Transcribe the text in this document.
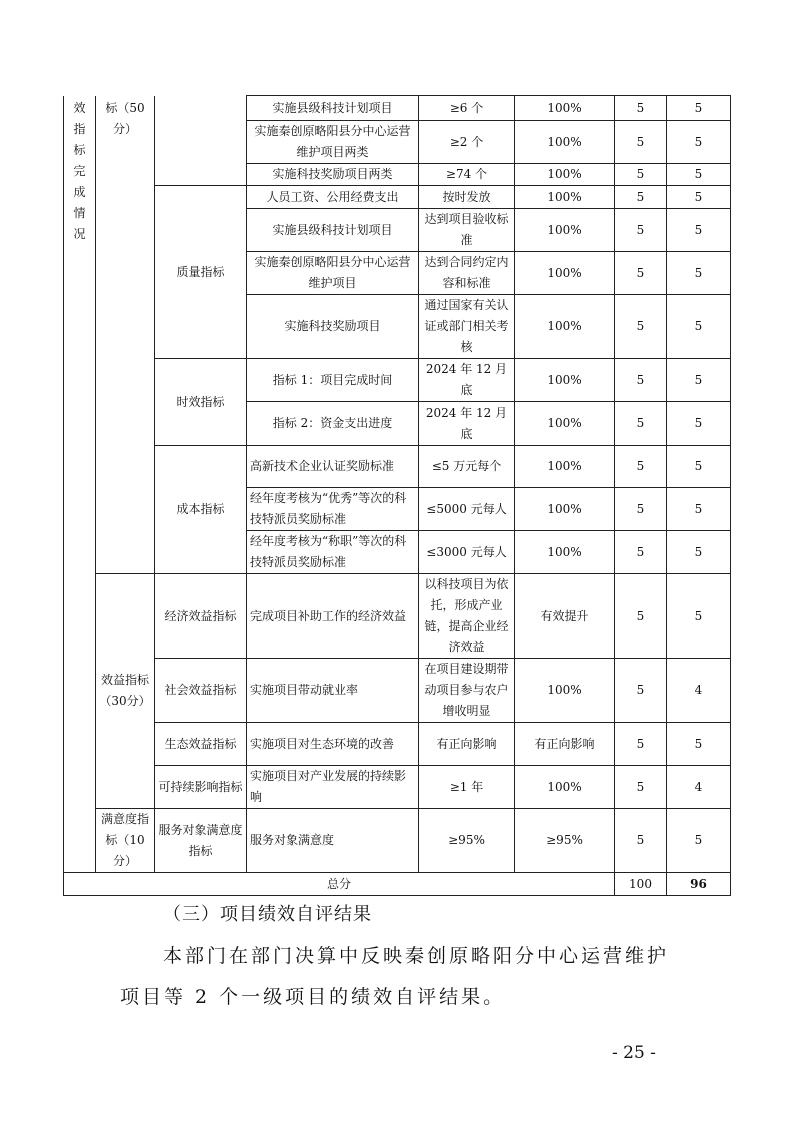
效指标完成情况	标（50分）		实施县级科技计划项目	≥6 个	100%	5	5
			实施秦创原略阳县分中心运营维护项目两类	≥2 个	100%	5	5
			实施科技奖励项目两类	≥74 个	100%	5	5
		质量指标	人员工资、公用经费支出	按时发放	100%	5	5
			实施县级科技计划项目	达到项目验收标准	100%	5	5
			实施秦创原略阳县分中心运营维护项目	达到合同约定内容和标准	100%	5	5
			实施科技奖励项目	通过国家有关认证或部门相关考核	100%	5	5
		时效指标	指标 1：项目完成时间	2024 年 12 月底	100%	5	5
			指标 2：资金支出进度	2024 年 12 月底	100%	5	5
		成本指标	高新技术企业认证奖励标准	≤5 万元每个	100%	5	5
			经年度考核为“优秀”等次的科技特派员奖励标准	≤5000 元每人	100%	5	5
			经年度考核为“称职”等次的科技特派员奖励标准	≤3000 元每人	100%	5	5
	效益指标（30分）	经济效益指标	完成项目补助工作的经济效益	以科技项目为依托，形成产业链，提高企业经济效益	有效提升	5	5
		社会效益指标	实施项目带动就业率	在项目建设期带动项目参与农户增收明显	100%	5	4
		生态效益指标	实施项目对生态环境的改善	有正向影响	有正向影响	5	5
		可持续影响指标	实施项目对产业发展的持续影响	≥1 年	100%	5	4
	满意度指标（10分）	服务对象满意度指标	服务对象满意度	≥95%	≥95%	5	5
总分						100	96
（三）项目绩效自评结果
本部门在部门决算中反映秦创原略阳分中心运营维护
项目等 2 个一级项目的绩效自评结果。
- 25 -
